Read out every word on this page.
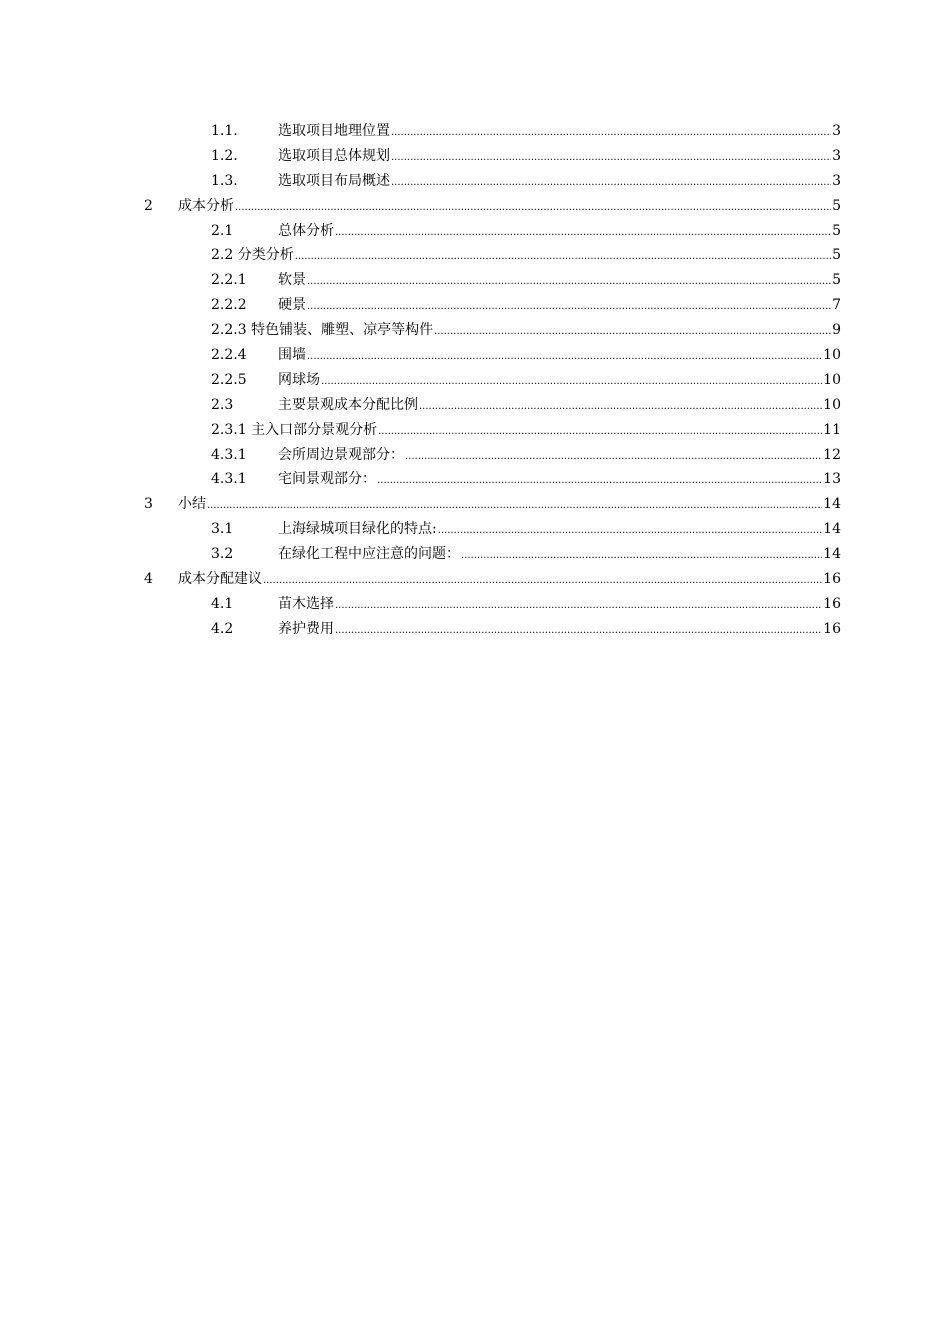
1.1.	选取项目地理位置 .....	3
1.2.	选取项目总体规划 .....	3
1.3.	选取项目布局概述 .....	3
2 成本分析 .....	5
2.1	总体分析 .....	5
2.2 分类分析 .....	5
2.2.1 软景 .....	5
2.2.2 硬景 .....	7
2.2.3 特色铺装、雕塑、凉亭等构件 .....	9
2.2.4 围墙 .....	10
2.2.5 网球场 .....	10
2.3	主要景观成本分配比例 .....	10
2.3.1 主入口部分景观分析 .....	11
4.3.1 会所周边景观部分： .....	12
4.3.1 宅间景观部分： .....	13
3 小结 .....	14
3.1	上海绿城项目绿化的特点: .....	14
3.2	在绿化工程中应注意的问题： .....	14
4 成本分配建议 .....	16
4.1	苗木选择 .....	16
4.2	养护费用 .....	16
